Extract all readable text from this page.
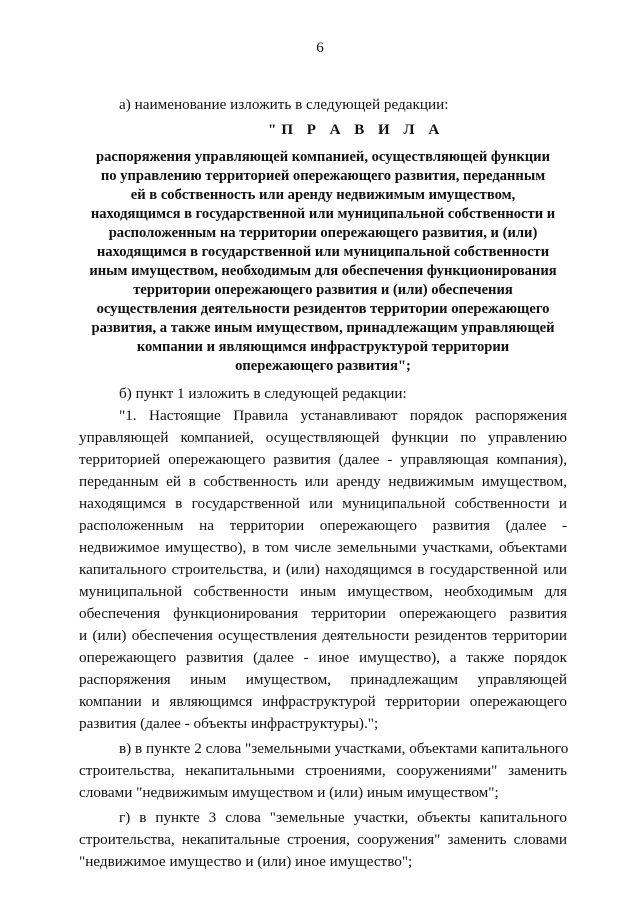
6
а) наименование изложить в следующей редакции:
"П Р А В И Л А
распоряжения управляющей компанией, осуществляющей функции
по управлению территорией опережающего развития, переданным
ей в собственность или аренду недвижимым имуществом,
находящимся в государственной или муниципальной собственности и
расположенным на территории опережающего развития, и (или)
находящимся в государственной или муниципальной собственности
иным имуществом, необходимым для обеспечения функционирования
территории опережающего развития и (или) обеспечения
осуществления деятельности резидентов территории опережающего
развития, а также иным имуществом, принадлежащим управляющей
компании и являющимся инфраструктурой территории
опережающего развития";
б) пункт 1 изложить в следующей редакции:
"1. Настоящие Правила устанавливают порядок распоряжения
управляющей компанией, осуществляющей функции по управлению
территорией опережающего развития (далее - управляющая компания),
переданным ей в собственность или аренду недвижимым имуществом,
находящимся в государственной или муниципальной собственности и
расположенным на территории опережающего развития (далее -
недвижимое имущество), в том числе земельными участками, объектами
капитального строительства, и (или) находящимся в государственной или
муниципальной собственности иным имуществом, необходимым для
обеспечения функционирования территории опережающего развития
и (или) обеспечения осуществления деятельности резидентов территории
опережающего развития (далее - иное имущество), а также порядок
распоряжения иным имуществом, принадлежащим управляющей
компании и являющимся инфраструктурой территории опережающего
развития (далее - объекты инфраструктуры).";
в) в пункте 2 слова "земельными участками, объектами капитального
строительства, некапитальными строениями, сооружениями" заменить
словами "недвижимым имуществом и (или) иным имуществом";
г) в пункте 3 слова "земельные участки, объекты капитального
строительства, некапитальные строения, сооружения" заменить словами
"недвижимое имущество и (или) иное имущество";
